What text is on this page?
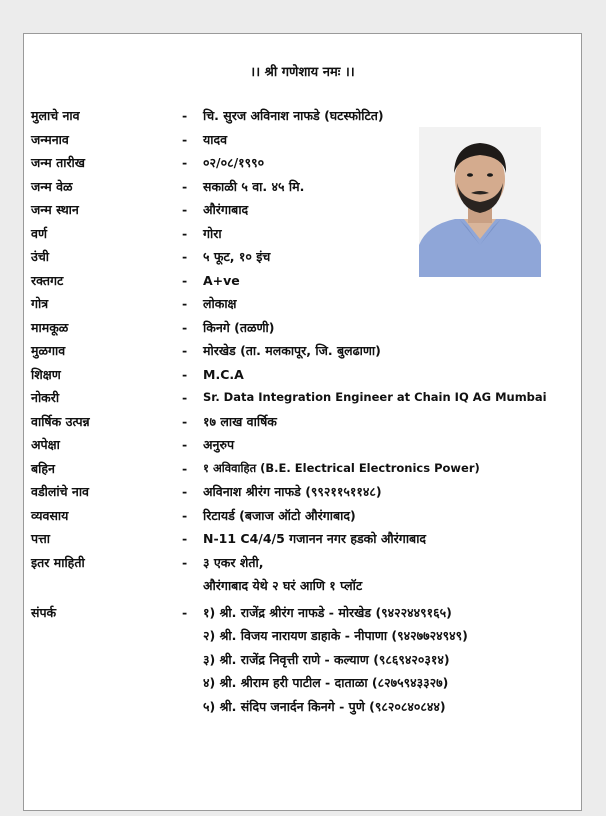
।। श्री गणेशाय नमः ।।
मुलाचे नाव	- चि. सुरज अविनाश नाफडे (घटस्फोटित)
जन्मनाव	- यादव
जन्म तारीख	- ०२/०८/१९९०
जन्म वेळ	- सकाळी ५ वा. ४५ मि.
जन्म स्थान	- औरंगाबाद
वर्ण	- गोरा
उंची	- ५ फूट, १० इंच
रक्तगट	- A+ve
गोत्र	- लोकाक्ष
मामकूळ	- किनगे (तळणी)
मुळगाव	- मोरखेड (ता. मलकापूर, जि. बुलढाणा)
शिक्षण	- M.C.A
नोकरी	- Sr. Data Integration Engineer at Chain IQ AG Mumbai
वार्षिक उत्पन्न	- १७ लाख वार्षिक
अपेक्षा	- अनुरुप
बहिन	- १ अविवाहित (B.E. Electrical Electronics Power)
वडीलांचे नाव	- अविनाश श्रीरंग नाफडे (९९२११५११४८)
व्यवसाय	- रिटायर्ड (बजाज ऑटो औरंगाबाद)
पत्ता	- N-11 C4/4/5 गजानन नगर हडको औरंगाबाद
इतर माहिती	- ३ एकर शेती,
औरंगाबाद येथे २ घरं आणि १ प्लॉट
संपर्क	- १) श्री. राजेंद्र श्रीरंग नाफडे - मोरखेड (९४२२४४९१६५)
२) श्री. विजय नारायण डाहाके - नीपाणा (९४२७७२४९४९)
३) श्री. राजेंद्र निवृत्ती राणे - कल्याण (९८६९४२०३१४)
४) श्री. श्रीराम हरी पाटील - दाताळा (८२७५९४३३२७)
५) श्री. संदिप जनार्दन किनगे - पुणे (९८२०८४०८४४)
